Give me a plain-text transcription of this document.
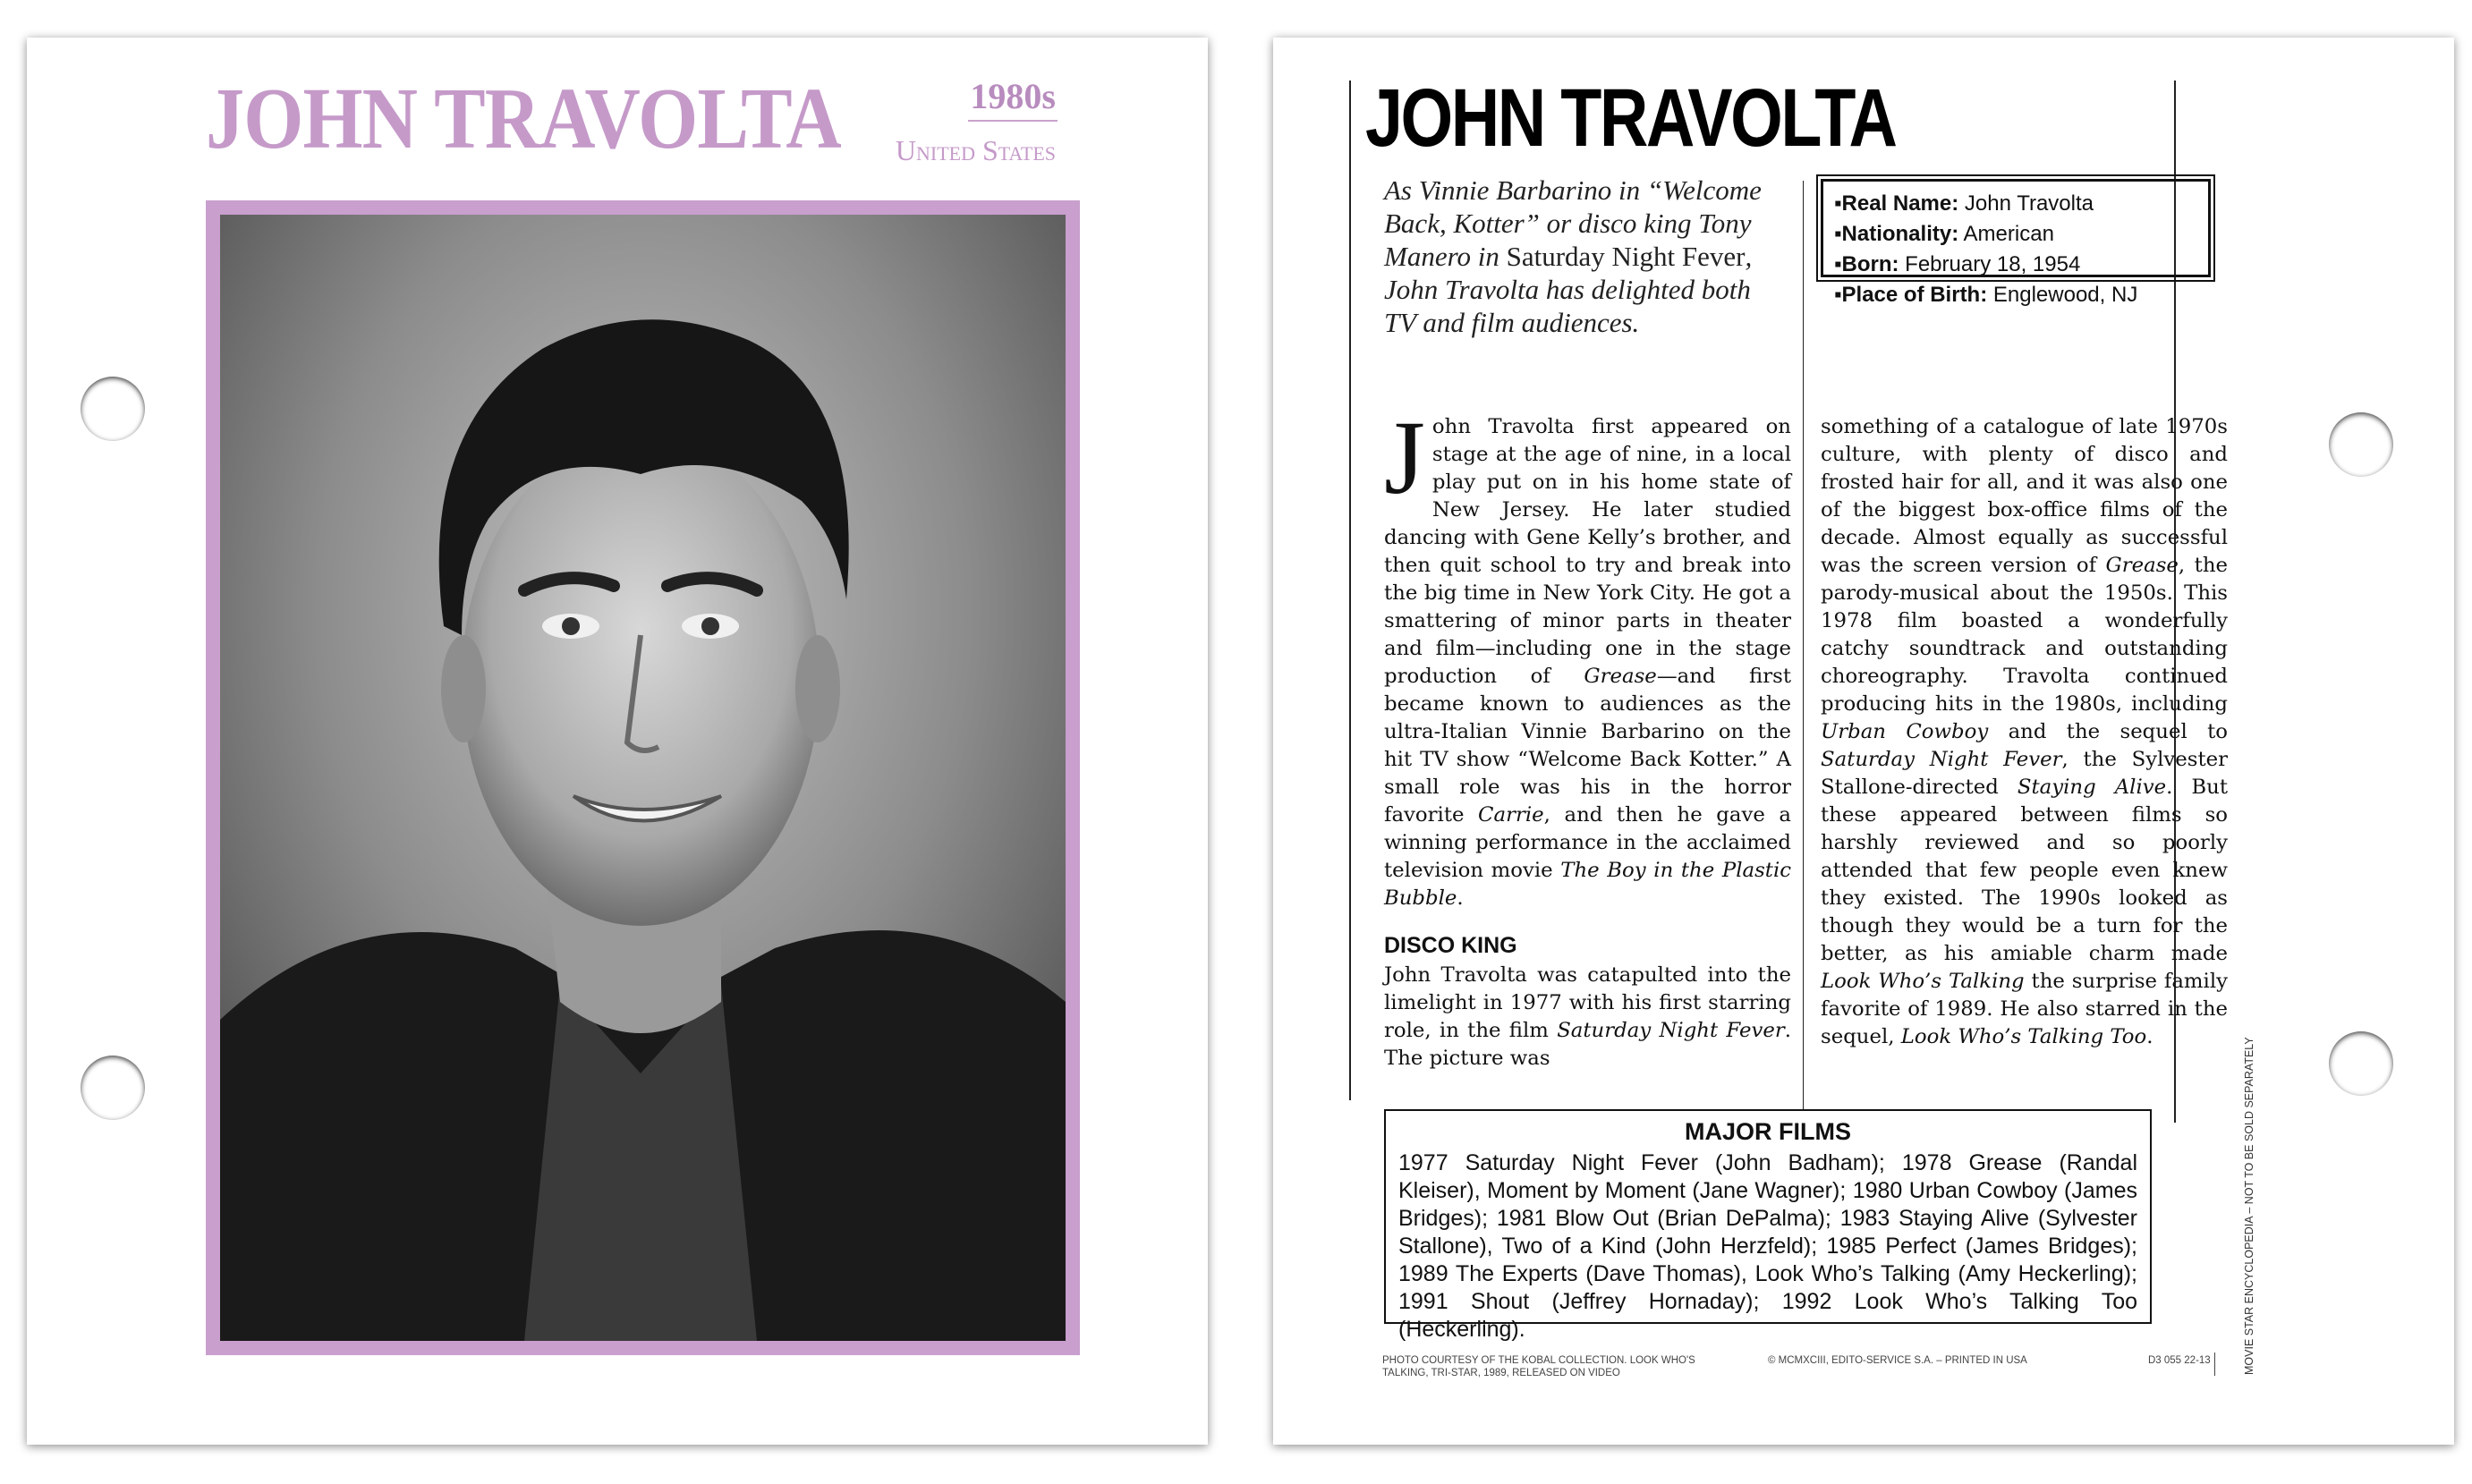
JOHN TRAVOLTA	1980s
United States	JOHN TRAVOLTA
As Vinnie Barbarino in “Welcome Back, Kotter” or disco king Tony Manero in Saturday Night Fever, John Travolta has delighted both TV and film audiences.
▪Real Name: John Travolta
▪Nationality: American
▪Born: February 18, 1954
▪Place of Birth: Englewood, NJ

John Travolta first appeared on stage at the age of nine, in a local play put on in his home state of New Jersey. He later studied dancing with Gene Kelly’s brother, and then quit school to try and break into the big time in New York City. He got a smattering of minor parts in theater and film—including one in the stage production of Grease—and first became known to audiences as the ultra-Italian Vinnie Barbarino on the hit TV show “Welcome Back Kotter.” A small role was his in the horror favorite Carrie, and then he gave a winning performance in the acclaimed television movie The Boy in the Plastic Bubble.

DISCO KING

John Travolta was catapulted into the limelight in 1977 with his first starring role, in the film Saturday Night Fever. The picture was

something of a catalogue of late 1970s culture, with plenty of disco and frosted hair for all, and it was also one of the biggest box-office films of the decade. Almost equally as successful was the screen version of Grease, the parody-musical about the 1950s. This 1978 film boasted a wonderfully catchy soundtrack and outstanding choreography. Travolta continued producing hits in the 1980s, including Urban Cowboy and the sequel to Saturday Night Fever, the Sylvester Stallone-directed Staying Alive. But these appeared between films so harshly reviewed and so poorly attended that few people even knew they existed. The 1990s looked as though they would be a turn for the better, as his amiable charm made Look Who’s Talking the surprise family favorite of 1989. He also starred in the sequel, Look Who’s Talking Too.

MAJOR FILMS

1977 Saturday Night Fever (John Badham); 1978 Grease (Randal Kleiser), Moment by Moment (Jane Wagner); 1980 Urban Cowboy (James Bridges); 1981 Blow Out (Brian DePalma); 1983 Staying Alive (Sylvester Stallone), Two of a Kind (John Herzfeld); 1985 Perfect (James Bridges); 1989 The Experts (Dave Thomas), Look Who’s Talking (Amy Heckerling); 1991 Shout (Jeffrey Hornaday); 1992 Look Who’s Talking Too (Heckerling).

PHOTO COURTESY OF THE KOBAL COLLECTION. LOOK WHO'S TALKING, TRI-STAR, 1989, RELEASED ON VIDEO
© MCMXCIII, EDITO-SERVICE S.A. – PRINTED IN USA	D3 055 22-13	MOVIE STAR ENCYCLOPEDIA – NOT TO BE SOLD SEPARATELY
